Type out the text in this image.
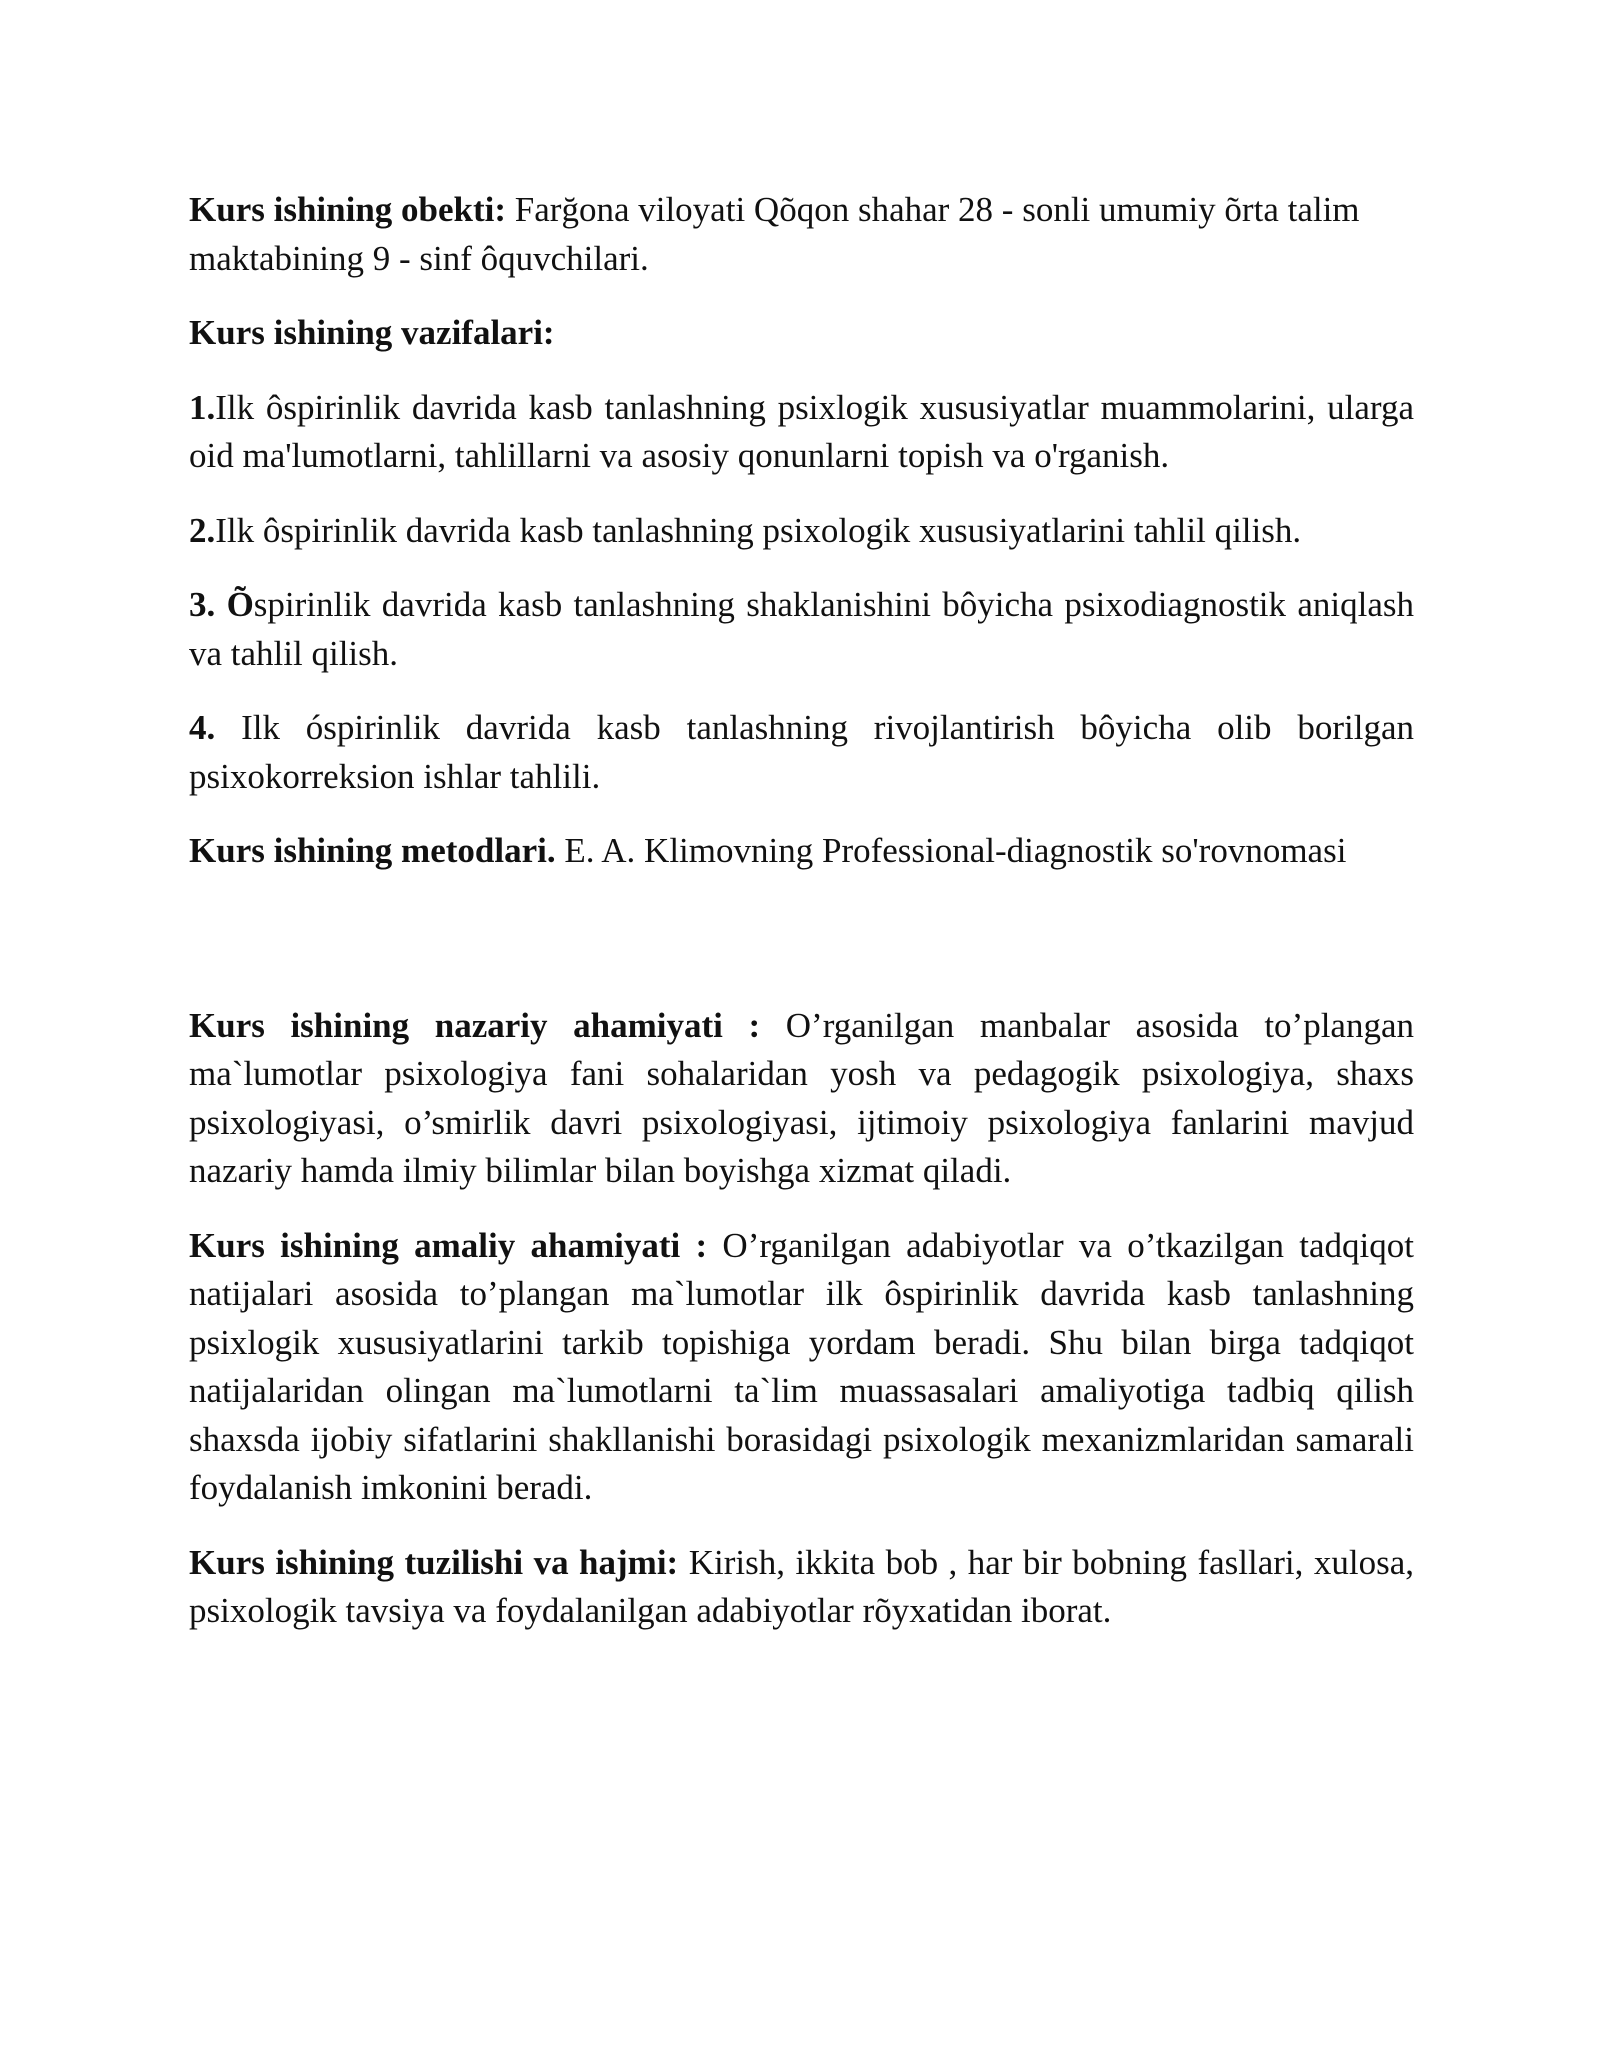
Kurs ishining obekti: Farğona viloyati Qõqon shahar 28 - sonli umumiy õrta talim maktabining 9 - sinf ôquvchilari.

Kurs ishining vazifalari:

1.Ilk ôspirinlik davrida kasb tanlashning psixlogik xususiyatlar muammolarini, ularga oid ma'lumotlarni, tahlillarni va asosiy qonunlarni topish va o'rganish.

2.Ilk ôspirinlik davrida kasb tanlashning psixologik xususiyatlarini tahlil qilish.

3. Õspirinlik davrida kasb tanlashning shaklanishini bôyicha psixodiagnostik aniqlash va tahlil qilish.

4. Ilk óspirinlik davrida kasb tanlashning rivojlantirish bôyicha olib borilgan psixokorreksion ishlar tahlili.

Kurs ishining metodlari. E. A. Klimovning Professional-diagnostik so'rovnomasi

Kurs ishining nazariy ahamiyati : O’rganilgan manbalar asosida to’plangan ma`lumotlar psixologiya fani sohalaridan yosh va pedagogik psixologiya, shaxs psixologiyasi, o’smirlik davri psixologiyasi, ijtimoiy psixologiya fanlarini mavjud nazariy hamda ilmiy bilimlar bilan boyishga xizmat qiladi.

Kurs ishining amaliy ahamiyati : O’rganilgan adabiyotlar va o’tkazilgan tadqiqot natijalari asosida to’plangan ma`lumotlar ilk ôspirinlik davrida kasb tanlashning psixlogik xususiyatlarini tarkib topishiga yordam beradi. Shu bilan birga tadqiqot natijalaridan olingan ma`lumotlarni ta`lim muassasalari amaliyotiga tadbiq qilish shaxsda ijobiy sifatlarini shakllanishi borasidagi psixologik mexanizmlaridan samarali foydalanish imkonini beradi.

Kurs ishining tuzilishi va hajmi: Kirish, ikkita bob , har bir bobning fasllari, xulosa, psixologik tavsiya va foydalanilgan adabiyotlar rõyxatidan iborat.
